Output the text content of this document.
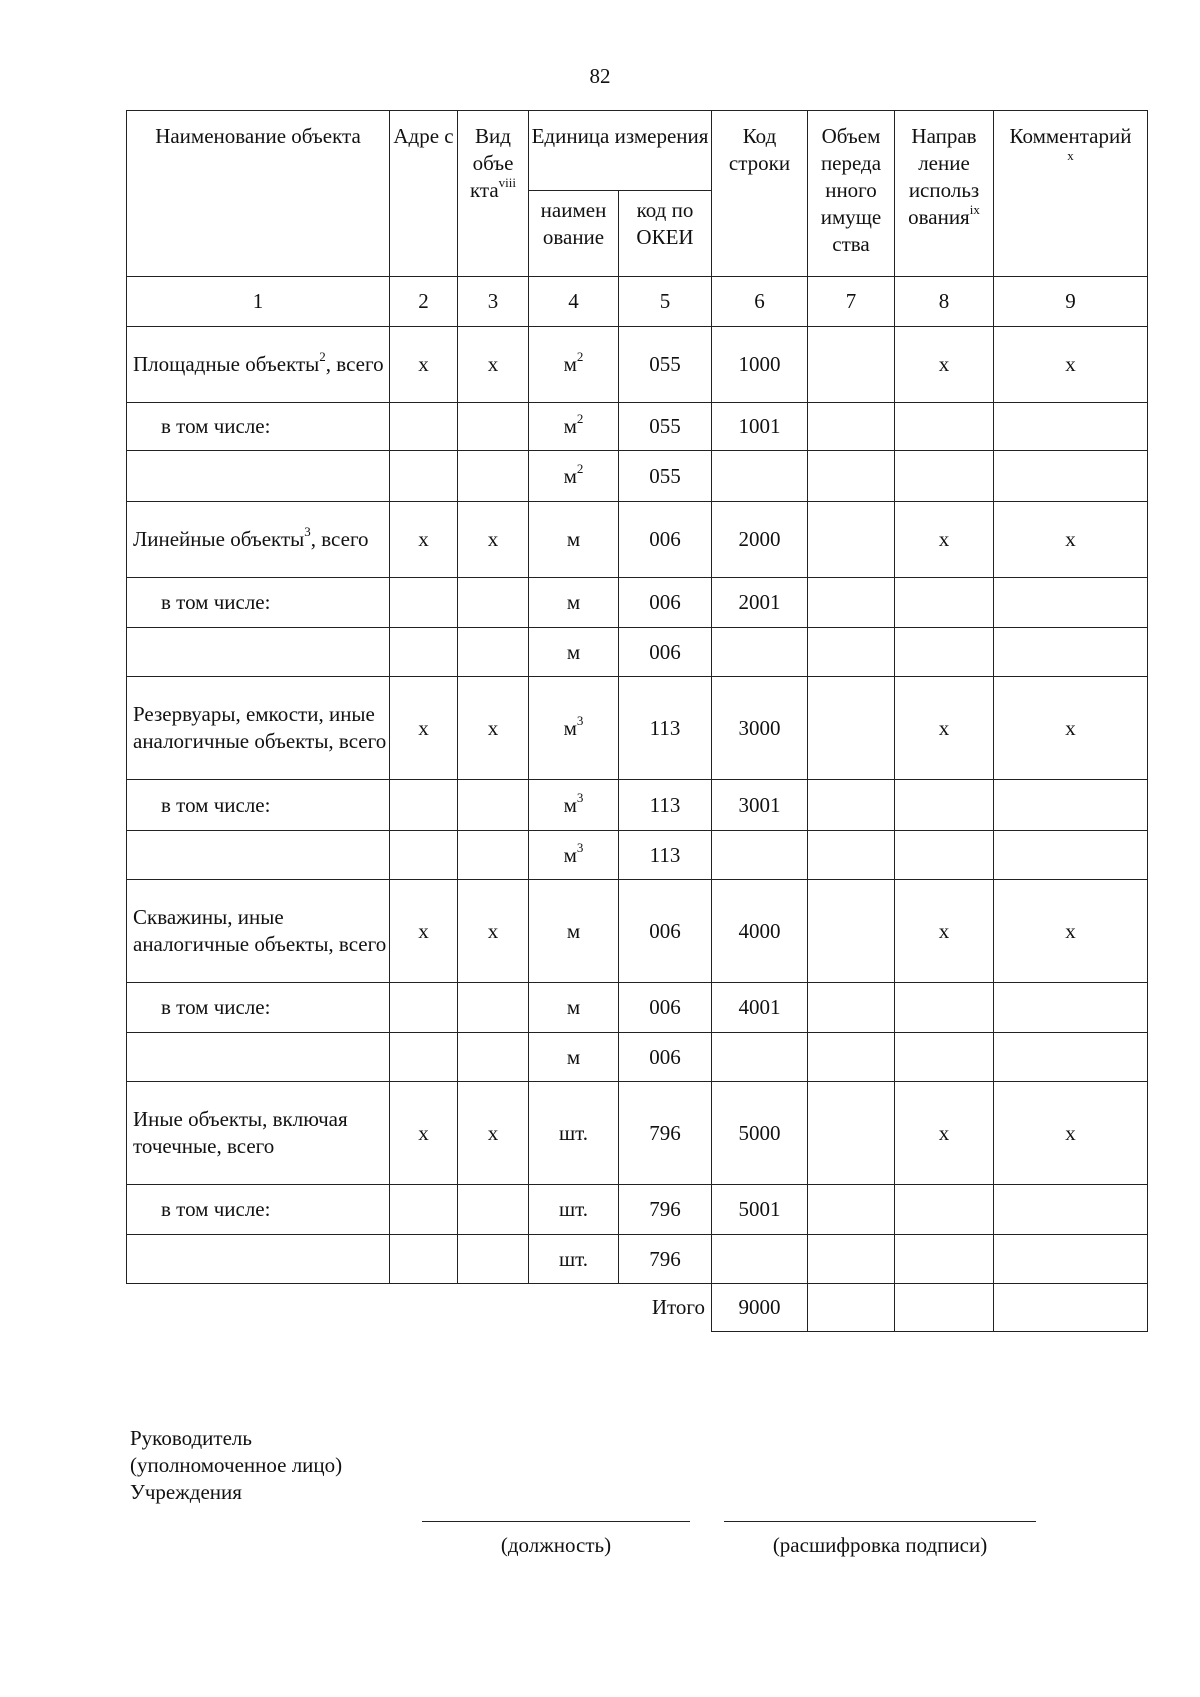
82
Наименование объекта	Адре с	Вид объе кта$^{viii}$	Единица измерения		Код строки	Объем переда нного имуще ства	Направ ление использ ования$^{ix}$	Комментарий
$^x$
			наимен ование	код по ОКЕИ				
1	2	3	4	5	6	7	8	9
Площадные объекты$^2$, всего	x	x	$м^2$	055	1000		x	x
в том числе:			$м^2$	055	1001			
			$м^2$	055				
Линейные объекты$^3$, всего	x	x	м	006	2000		x	x
в том числе:			м	006	2001			
			м	006				
Резервуары, емкости, иные аналогичные объекты, всего	x	x	$м^3$	113	3000		x	x
в том числе:			$м^3$	113	3001			
			$м^3$	113				
Скважины, иные аналогичные объекты, всего	x	x	м	006	4000		x	x
в том числе:			м	006	4001			
			м	006				
Иные объекты, включая точечные, всего	x	x	шт.	796	5000		x	x
в том числе:			шт.	796	5001			
			шт.	796				
Итого					9000			
Руководитель
(уполномоченное лицо)
Учреждения
(должность)	(расшифровка подписи)
